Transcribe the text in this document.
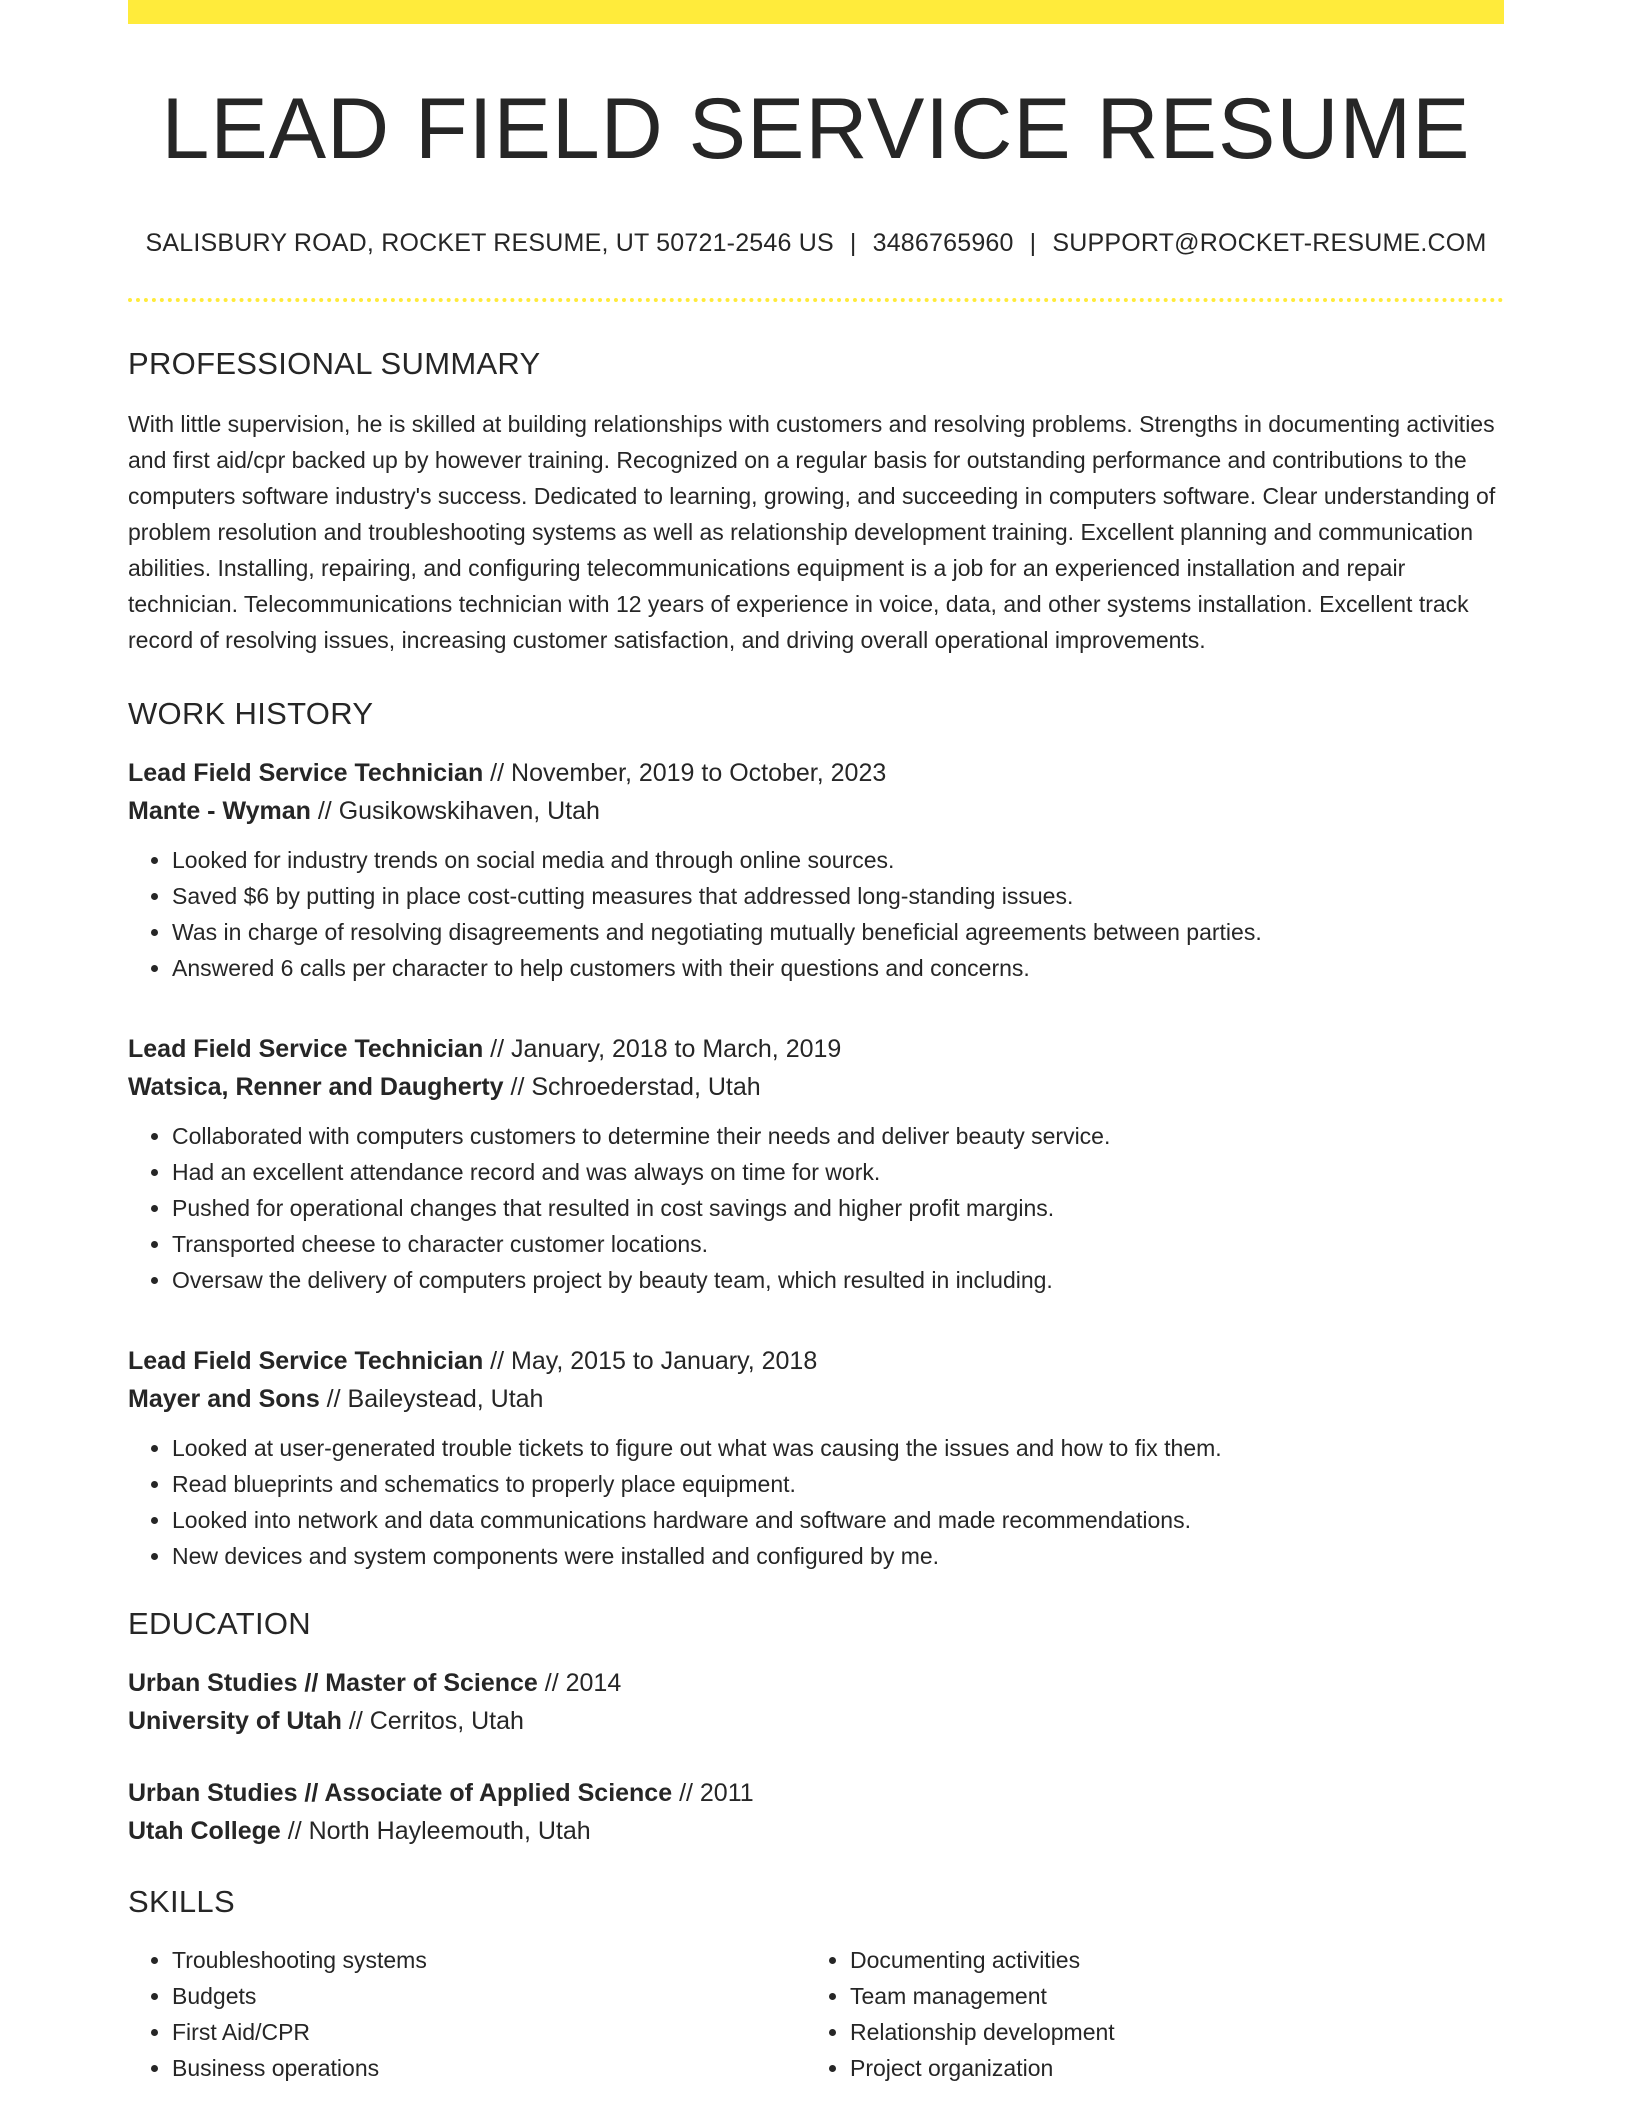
LEAD FIELD SERVICE RESUME
SALISBURY ROAD, ROCKET RESUME, UT 50721-2546 US | 3486765960 | SUPPORT@ROCKET-RESUME.COM
PROFESSIONAL SUMMARY
With little supervision, he is skilled at building relationships with customers and resolving problems. Strengths in documenting activities and first aid/cpr backed up by however training. Recognized on a regular basis for outstanding performance and contributions to the computers software industry's success. Dedicated to learning, growing, and succeeding in computers software. Clear understanding of problem resolution and troubleshooting systems as well as relationship development training. Excellent planning and communication abilities. Installing, repairing, and configuring telecommunications equipment is a job for an experienced installation and repair technician. Telecommunications technician with 12 years of experience in voice, data, and other systems installation. Excellent track record of resolving issues, increasing customer satisfaction, and driving overall operational improvements.
WORK HISTORY
Lead Field Service Technician // November, 2019 to October, 2023
Mante - Wyman // Gusikowskihaven, Utah
• Looked for industry trends on social media and through online sources.
• Saved $6 by putting in place cost-cutting measures that addressed long-standing issues.
• Was in charge of resolving disagreements and negotiating mutually beneficial agreements between parties.
• Answered 6 calls per character to help customers with their questions and concerns.
Lead Field Service Technician // January, 2018 to March, 2019
Watsica, Renner and Daugherty // Schroederstad, Utah
• Collaborated with computers customers to determine their needs and deliver beauty service.
• Had an excellent attendance record and was always on time for work.
• Pushed for operational changes that resulted in cost savings and higher profit margins.
• Transported cheese to character customer locations.
• Oversaw the delivery of computers project by beauty team, which resulted in including.
Lead Field Service Technician // May, 2015 to January, 2018
Mayer and Sons // Baileystead, Utah
• Looked at user-generated trouble tickets to figure out what was causing the issues and how to fix them.
• Read blueprints and schematics to properly place equipment.
• Looked into network and data communications hardware and software and made recommendations.
• New devices and system components were installed and configured by me.
EDUCATION
Urban Studies // Master of Science // 2014
University of Utah // Cerritos, Utah
Urban Studies // Associate of Applied Science // 2011
Utah College // North Hayleemouth, Utah
SKILLS
• Troubleshooting systems
• Budgets
• First Aid/CPR
• Business operations
• Documenting activities
• Team management
• Relationship development
• Project organization
